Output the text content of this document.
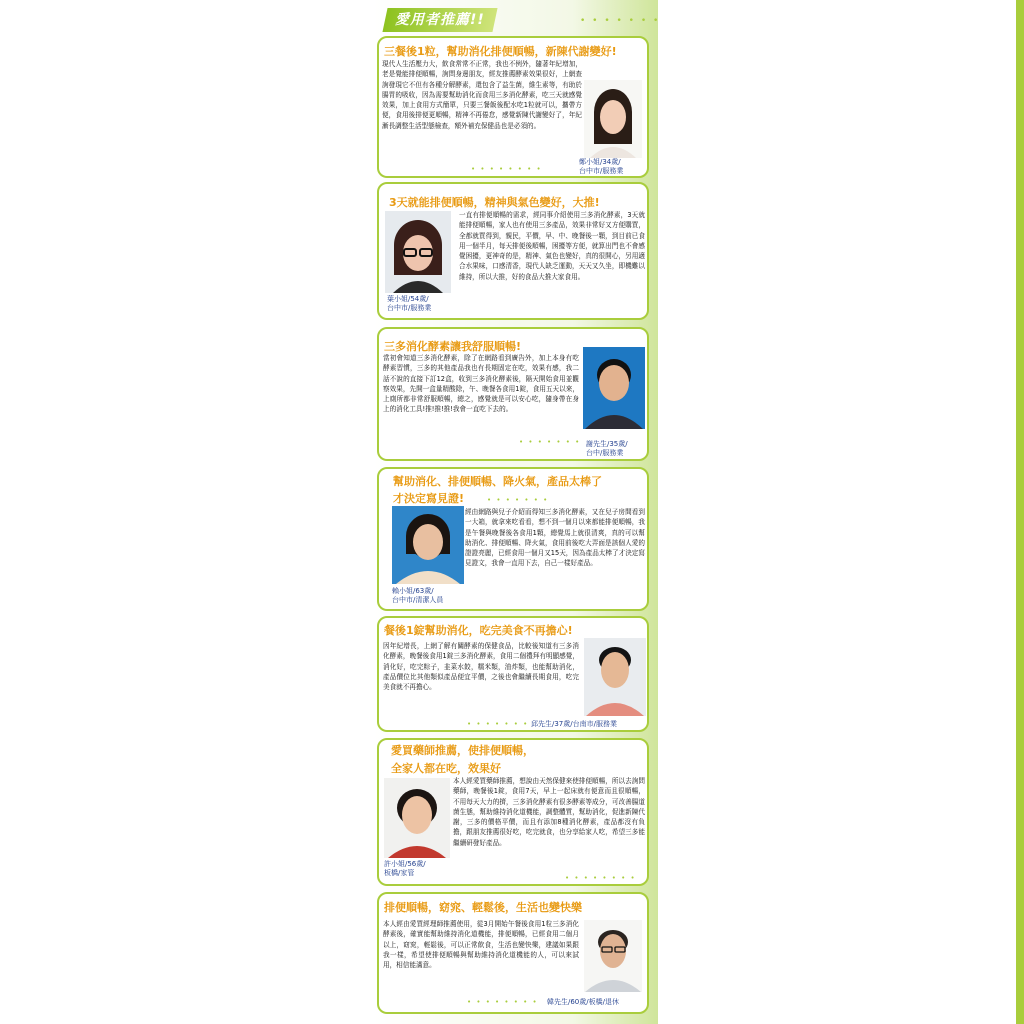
愛用者推薦!!	• • • • • • •
三餐後1粒，幫助消化排便順暢，新陳代謝變好!
現代人生活壓力大，飲食常常不正常，我也不例外，隨著年紀增加，老是覺能排便順暢，詢問身邊朋友，經友推薦酵素效果很好，上網查詢發現它不但有各種分解酵素，還包含了益生菌，維生素等，有助於腸胃的吸收，因為需要幫助消化而食用三多消化酵素，吃三天就感覺效果，加上食用方式簡單，只要三餐飯後配水吃1粒就可以，攜帶方便，食用後排便更順暢，精神不再倦怠，感覺新陳代謝變好了，年紀漸長調整生活型態檢查，額外補充保健品也是必須的。
鄭小姐/34歲/
台中市/服務業
• • • • • • • •
3天就能排便順暢，精神與氣色變好，大推!
葉小姐/54歲/
台中市/服務業
一直有排便順暢的需求，經同事介紹使用三多消化酵素，3天就能排便順暢，家人也有使用三多產品，效果非常好又方便購買，全都就買得到，親民，平價，早、中、晚餐後一顆，到目前已食用一個半月，每天排便後順暢，困擾等方便，就算出門也不會感覺困擾，更神奇的是，精神、氣色也變好，真的很開心，另用適合水果味，口感清香，現代人缺乏運動，天天又久坐，即機難以維持，所以大推，好的食品大推大家食用。
三多消化酵素讓我舒服順暢!
當初會知道三多消化酵素，除了在網路看到廣告外，加上本身有吃酵素習慣，三多的其他產品我也有長期固定在吃，效果有感，我二話不說的直接下訂12盒，收到三多消化酵素後，隔天開始食用並觀察效果，先開一盒量精酸除，午、晚餐各食用1錠，食用五天以來，上廁所都非常舒服順暢，總之，感覺就是可以安心吃，隨身帶在身上的消化工具!推!推!推!我會一直吃下去的。
謝先生/35歲/
台中/服務業
• • • • • • •
幫助消化、排便順暢、降火氣，產品太棒了
才決定寫見證!	• • • • • • •
賴小姐/63歲/
台中市/清潔人員
經由網路與兒子介紹而得知三多消化酵素，又在兒子房間看到一大箱，就拿來吃看看，想不到一個月以來都能排便順暢，我是午餐與晚餐後各食用1顆，總覺馬上就很清爽，真的可以幫助消化、排便順暢、降火氣，食用前後吃大弄面是該個人愛的證證亮麗，已經食用一個月又15天，因為產品太棒了才決定寫見證文，我會一直用下去，自己一樣好產品。
餐後1錠幫助消化，吃完美食不再擔心!
因年紀增長，上網了解有關酵素的保健食品，比較後知道有三多消化酵素，晚餐後食用1錠三多消化酵素，食用二個禮拜有明顯感覺，消化好，吃完粽子，韭菜水餃，糯米類，油炸類，也能幫助消化，產品價位比其他類似產品便宜平價，之後也會繼續長期食用，吃完美食就不再擔心。
• • • • • • • 邱先生/37歲/台南市/服務業
愛買藥師推薦，使排便順暢，
全家人都在吃，效果好
許小姐/56歲/
板橋/家管
本人經愛買藥師推薦，想說由天然保健來使排便順暢，所以去詢問藥師，晚餐後1錠，食用7天，早上一起床就有便意而且很順暢，不用每天大力的擠，三多消化酵素有很多酵素等成分，可改善腸道菌生態，幫助維持消化道機能，調整體質，幫助消化，促進新陳代謝，三多的價格平價，而且有添加8種消化酵素，產品都沒有負擔，跟朋友推薦很好吃，吃完就食，也分享給家人吃，希望三多能繼續研發好產品。
• • • • • • • •
排便順暢，窈窕、輕鬆後，生活也變快樂
本人經由愛買經理師推薦使用，從3月開始午餐後食用1粒三多消化酵素後，確實能幫助維持消化道機能，排便順暢，已經食用二個月以上，窈窕，輕鬆後，可以正常飲食，生活也變快樂，建議如果跟我一樣，希望使排便順暢與幫助維持消化道機能的人，可以來試用，相信能滿意。
• • • • • • • • 韓先生/60歲/板橋/退休
